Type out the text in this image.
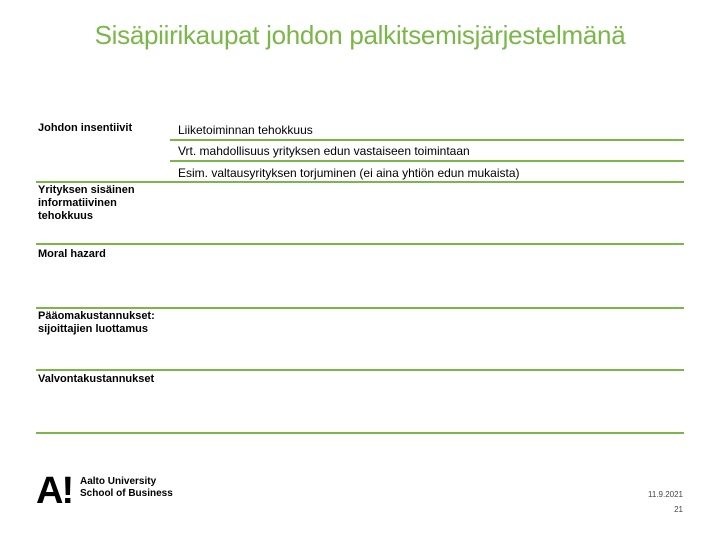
Sisäpiirikaupat johdon palkitsemisjärjestelmänä
Johdon insentiivit	Liiketoiminnan tehokkuus
Vrt. mahdollisuus yrityksen edun vastaiseen toimintaan
Esim. valtausyrityksen torjuminen (ei aina yhtiön edun mukaista)
Yrityksen sisäinen informatiivinen tehokkuus
Moral hazard
Pääomakustannukset: sijoittajien luottamus
Valvontakustannukset
A! Aalto University
School of Business	11.9.2021
21
